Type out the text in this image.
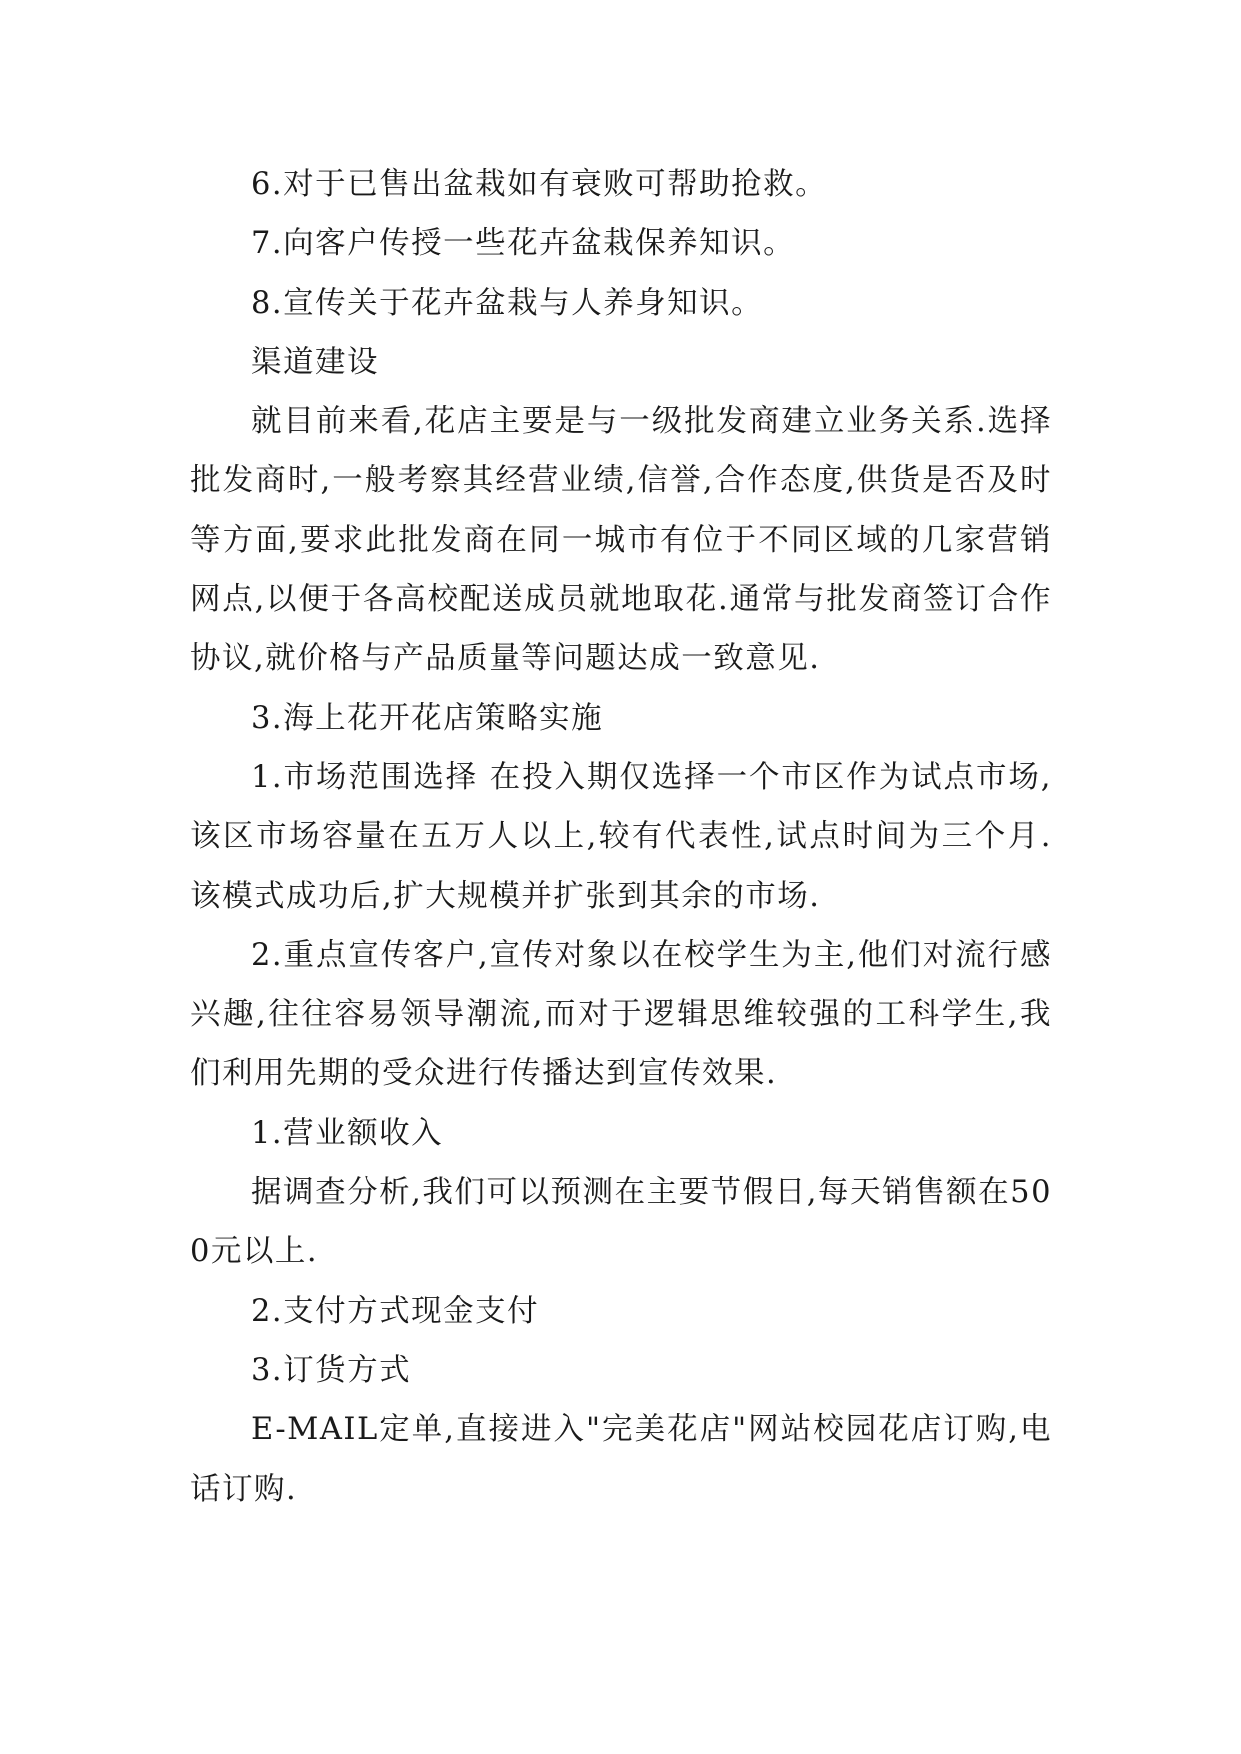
6.对于已售出盆栽如有衰败可帮助抢救。

7.向客户传授一些花卉盆栽保养知识。

8.宣传关于花卉盆栽与人养身知识。

渠道建设

就目前来看,花店主要是与一级批发商建立业务关系.选择批发商时,一般考察其经营业绩,信誉,合作态度,供货是否及时等方面,要求此批发商在同一城市有位于不同区域的几家营销网点,以便于各高校配送成员就地取花.通常与批发商签订合作协议,就价格与产品质量等问题达成一致意见.

3.海上花开花店策略实施

1.市场范围选择 在投入期仅选择一个市区作为试点市场,该区市场容量在五万人以上,较有代表性,试点时间为三个月.该模式成功后,扩大规模并扩张到其余的市场.

2.重点宣传客户,宣传对象以在校学生为主,他们对流行感兴趣,往往容易领导潮流,而对于逻辑思维较强的工科学生,我们利用先期的受众进行传播达到宣传效果.

1.营业额收入

据调查分析,我们可以预测在主要节假日,每天销售额在500元以上.

2.支付方式现金支付

3.订货方式

E-MAIL定单,直接进入"完美花店"网站校园花店订购,电话订购.
